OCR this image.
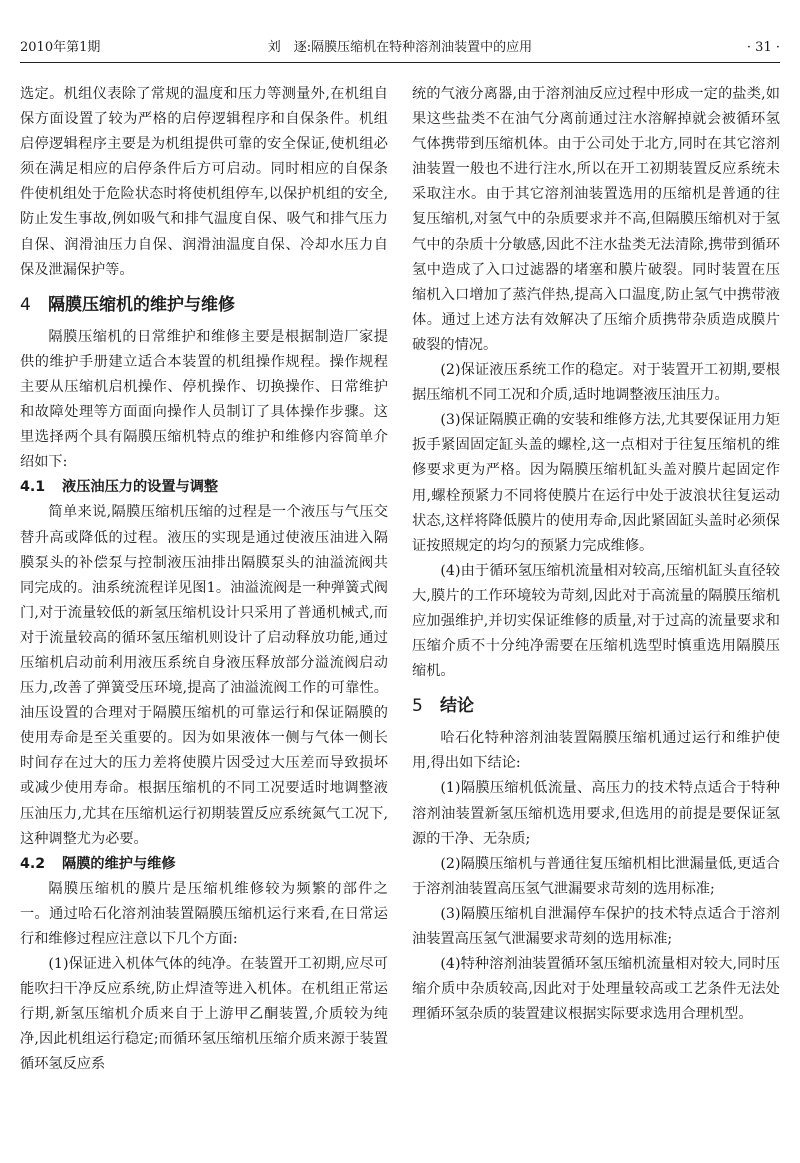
2010年第1期	刘　逐:隔膜压缩机在特种溶剂油装置中的应用	· 31 ·

选定。机组仪表除了常规的温度和压力等测量外,在机组自保方面设置了较为严格的启停逻辑程序和自保条件。机组启停逻辑程序主要是为机组提供可靠的安全保证,使机组必须在满足相应的启停条件后方可启动。同时相应的自保条件使机组处于危险状态时将使机组停车,以保护机组的安全,防止发生事故,例如吸气和排气温度自保、吸气和排气压力自保、润滑油压力自保、润滑油温度自保、冷却水压力自保及泄漏保护等。

4 隔膜压缩机的维护与维修

隔膜压缩机的日常维护和维修主要是根据制造厂家提供的维护手册建立适合本装置的机组操作规程。操作规程主要从压缩机启机操作、停机操作、切换操作、日常维护和故障处理等方面面向操作人员制订了具体操作步骤。这里选择两个具有隔膜压缩机特点的维护和维修内容简单介绍如下:

4.1 液压油压力的设置与调整

简单来说,隔膜压缩机压缩的过程是一个液压与气压交替升高或降低的过程。液压的实现是通过使液压油进入隔膜泵头的补偿泵与控制液压油排出隔膜泵头的油溢流阀共同完成的。油系统流程详见图1。油溢流阀是一种弹簧式阀门,对于流量较低的新氢压缩机设计只采用了普通机械式,而对于流量较高的循环氢压缩机则设计了启动释放功能,通过压缩机启动前利用液压系统自身液压释放部分溢流阀启动压力,改善了弹簧受压环境,提高了油溢流阀工作的可靠性。油压设置的合理对于隔膜压缩机的可靠运行和保证隔膜的使用寿命是至关重要的。因为如果液体一侧与气体一侧长时间存在过大的压力差将使膜片因受过大压差而导致损坏或减少使用寿命。根据压缩机的不同工况要适时地调整液压油压力,尤其在压缩机运行初期装置反应系统氮气工况下,这种调整尤为必要。

4.2 隔膜的维护与维修

隔膜压缩机的膜片是压缩机维修较为频繁的部件之一。通过哈石化溶剂油装置隔膜压缩机运行来看,在日常运行和维修过程应注意以下几个方面:

(1)保证进入机体气体的纯净。在装置开工初期,应尽可能吹扫干净反应系统,防止焊渣等进入机体。在机组正常运行期,新氢压缩机介质来自于上游甲乙酮装置,介质较为纯净,因此机组运行稳定;而循环氢压缩机压缩介质来源于装置循环氢反应系

统的气液分离器,由于溶剂油反应过程中形成一定的盐类,如果这些盐类不在油气分离前通过注水溶解掉就会被循环氢气体携带到压缩机体。由于公司处于北方,同时在其它溶剂油装置一般也不进行注水,所以在开工初期装置反应系统未采取注水。由于其它溶剂油装置选用的压缩机是普通的往复压缩机,对氢气中的杂质要求并不高,但隔膜压缩机对于氢气中的杂质十分敏感,因此不注水盐类无法清除,携带到循环氢中造成了入口过滤器的堵塞和膜片破裂。同时装置在压缩机入口增加了蒸汽伴热,提高入口温度,防止氢气中携带液体。通过上述方法有效解决了压缩介质携带杂质造成膜片破裂的情况。

(2)保证液压系统工作的稳定。对于装置开工初期,要根据压缩机不同工况和介质,适时地调整液压油压力。

(3)保证隔膜正确的安装和维修方法,尤其要保证用力矩扳手紧固固定缸头盖的螺栓,这一点相对于往复压缩机的维修要求更为严格。因为隔膜压缩机缸头盖对膜片起固定作用,螺栓预紧力不同将使膜片在运行中处于波浪状往复运动状态,这样将降低膜片的使用寿命,因此紧固缸头盖时必须保证按照规定的均匀的预紧力完成维修。

(4)由于循环氢压缩机流量相对较高,压缩机缸头直径较大,膜片的工作环境较为苛刻,因此对于高流量的隔膜压缩机应加强维护,并切实保证维修的质量,对于过高的流量要求和压缩介质不十分纯净需要在压缩机选型时慎重选用隔膜压缩机。

5 结论

哈石化特种溶剂油装置隔膜压缩机通过运行和维护使用,得出如下结论:

(1)隔膜压缩机低流量、高压力的技术特点适合于特种溶剂油装置新氢压缩机选用要求,但选用的前提是要保证氢源的干净、无杂质;

(2)隔膜压缩机与普通往复压缩机相比泄漏量低,更适合于溶剂油装置高压氢气泄漏要求苛刻的选用标准;

(3)隔膜压缩机自泄漏停车保护的技术特点适合于溶剂油装置高压氢气泄漏要求苛刻的选用标准;

(4)特种溶剂油装置循环氢压缩机流量相对较大,同时压缩介质中杂质较高,因此对于处理量较高或工艺条件无法处理循环氢杂质的装置建议根据实际要求选用合理机型。
